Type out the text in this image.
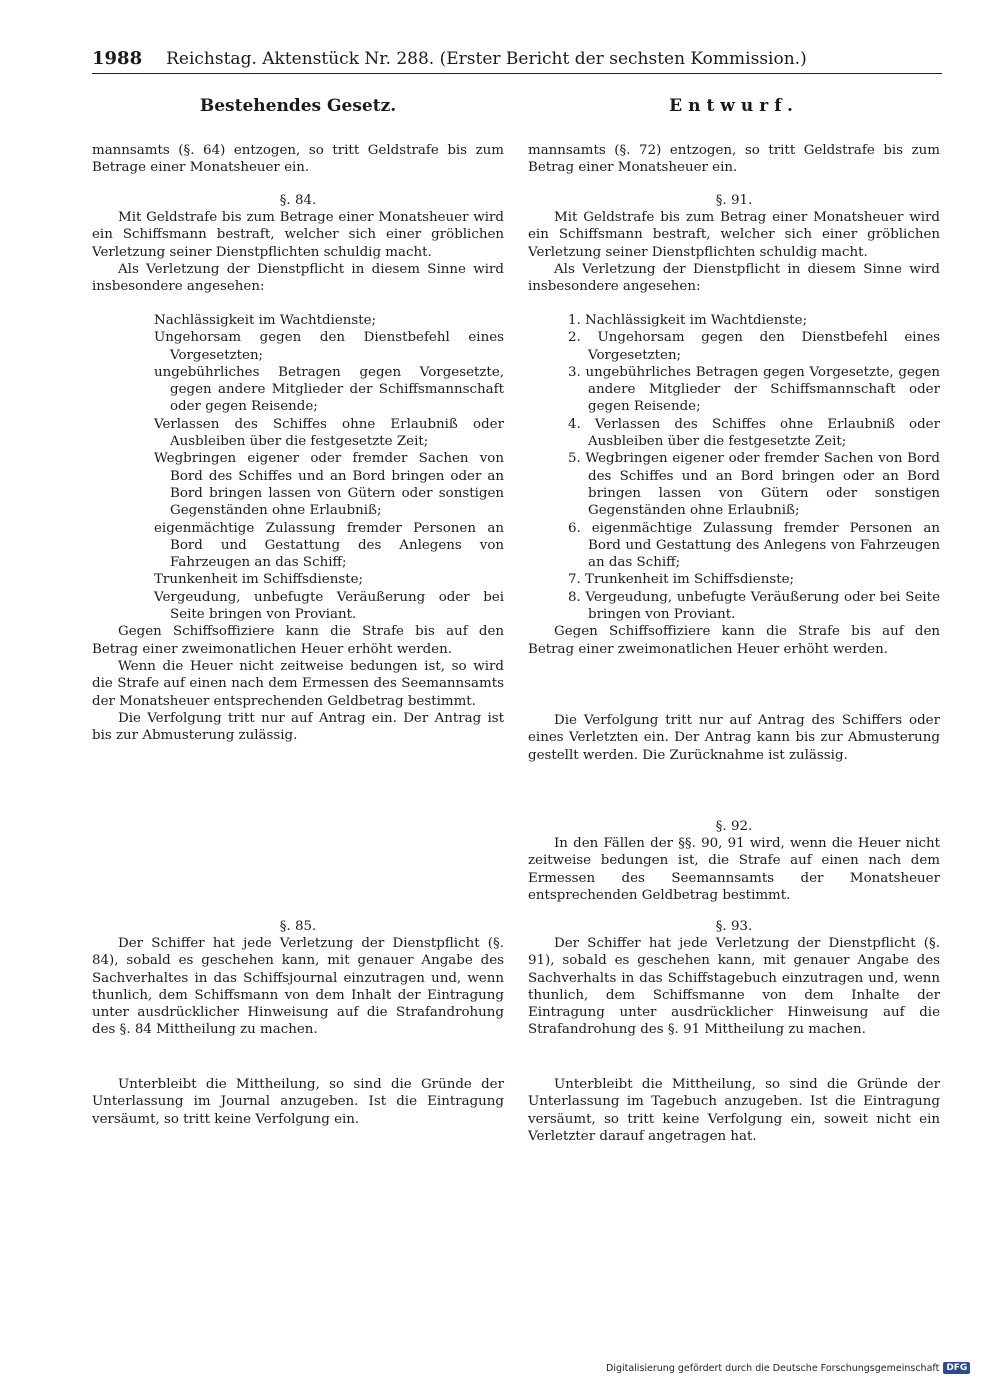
1988 Reichstag. Aktenstück Nr. 288. (Erster Bericht der sechsten Kommission.)
Bestehendes Gesetz.

mannsamts (§. 64) entzogen, so tritt Geldstrafe bis zum Betrage einer Monatsheuer ein.

§. 84.

Mit Geldstrafe bis zum Betrage einer Monatsheuer wird ein Schiffsmann bestraft, welcher sich einer gröblichen Verletzung seiner Dienstpflichten schuldig macht.

Als Verletzung der Dienstpflicht in diesem Sinne wird insbesondere angesehen:

Nachlässigkeit im Wachtdienste;
Ungehorsam gegen den Dienstbefehl eines Vorgesetzten;
ungebührliches Betragen gegen Vorgesetzte, gegen andere Mitglieder der Schiffsmannschaft oder gegen Reisende;
Verlassen des Schiffes ohne Erlaubniß oder Ausbleiben über die festgesetzte Zeit;
Wegbringen eigener oder fremder Sachen von Bord des Schiffes und an Bord bringen oder an Bord bringen lassen von Gütern oder sonstigen Gegenständen ohne Erlaubniß;
eigenmächtige Zulassung fremder Personen an Bord und Gestattung des Anlegens von Fahrzeugen an das Schiff;
Trunkenheit im Schiffsdienste;
Vergeudung, unbefugte Veräußerung oder bei Seite bringen von Proviant.

Gegen Schiffsoffiziere kann die Strafe bis auf den Betrag einer zweimonatlichen Heuer erhöht werden.

Wenn die Heuer nicht zeitweise bedungen ist, so wird die Strafe auf einen nach dem Ermessen des Seemannsamts der Monatsheuer entsprechenden Geldbetrag bestimmt.

Die Verfolgung tritt nur auf Antrag ein. Der Antrag ist bis zur Abmusterung zulässig.

§. 85.

Der Schiffer hat jede Verletzung der Dienstpflicht (§. 84), sobald es geschehen kann, mit genauer Angabe des Sachverhaltes in das Schiffsjournal einzutragen und, wenn thunlich, dem Schiffsmann von dem Inhalt der Eintragung unter ausdrücklicher Hinweisung auf die Strafandrohung des §. 84 Mittheilung zu machen.

Unterbleibt die Mittheilung, so sind die Gründe der Unterlassung im Journal anzugeben. Ist die Eintragung versäumt, so tritt keine Verfolgung ein.

Entwurf.

mannsamts (§. 72) entzogen, so tritt Geldstrafe bis zum Betrag einer Monatsheuer ein.

§. 91.

Mit Geldstrafe bis zum Betrag einer Monatsheuer wird ein Schiffsmann bestraft, welcher sich einer gröblichen Verletzung seiner Dienstpflichten schuldig macht.

Als Verletzung der Dienstpflicht in diesem Sinne wird insbesondere angesehen:

1. Nachlässigkeit im Wachtdienste;
2. Ungehorsam gegen den Dienstbefehl eines Vorgesetzten;
3. ungebührliches Betragen gegen Vorgesetzte, gegen andere Mitglieder der Schiffsmannschaft oder gegen Reisende;
4. Verlassen des Schiffes ohne Erlaubniß oder Ausbleiben über die festgesetzte Zeit;
5. Wegbringen eigener oder fremder Sachen von Bord des Schiffes und an Bord bringen oder an Bord bringen lassen von Gütern oder sonstigen Gegenständen ohne Erlaubniß;
6. eigenmächtige Zulassung fremder Personen an Bord und Gestattung des Anlegens von Fahrzeugen an das Schiff;
7. Trunkenheit im Schiffsdienste;
8. Vergeudung, unbefugte Veräußerung oder bei Seite bringen von Proviant.

Gegen Schiffsoffiziere kann die Strafe bis auf den Betrag einer zweimonatlichen Heuer erhöht werden.

Die Verfolgung tritt nur auf Antrag des Schiffers oder eines Verletzten ein. Der Antrag kann bis zur Abmusterung gestellt werden. Die Zurücknahme ist zulässig.

§. 92.

In den Fällen der §§. 90, 91 wird, wenn die Heuer nicht zeitweise bedungen ist, die Strafe auf einen nach dem Ermessen des Seemannsamts der Monatsheuer entsprechenden Geldbetrag bestimmt.

§. 93.

Der Schiffer hat jede Verletzung der Dienstpflicht (§. 91), sobald es geschehen kann, mit genauer Angabe des Sachverhalts in das Schiffstagebuch einzutragen und, wenn thunlich, dem Schiffsmanne von dem Inhalte der Eintragung unter ausdrücklicher Hinweisung auf die Strafandrohung des §. 91 Mittheilung zu machen.

Unterbleibt die Mittheilung, so sind die Gründe der Unterlassung im Tagebuch anzugeben. Ist die Eintragung versäumt, so tritt keine Verfolgung ein, soweit nicht ein Verletzter darauf angetragen hat.

Digitalisierung gefördert durch die Deutsche Forschungsgemeinschaft DFG
